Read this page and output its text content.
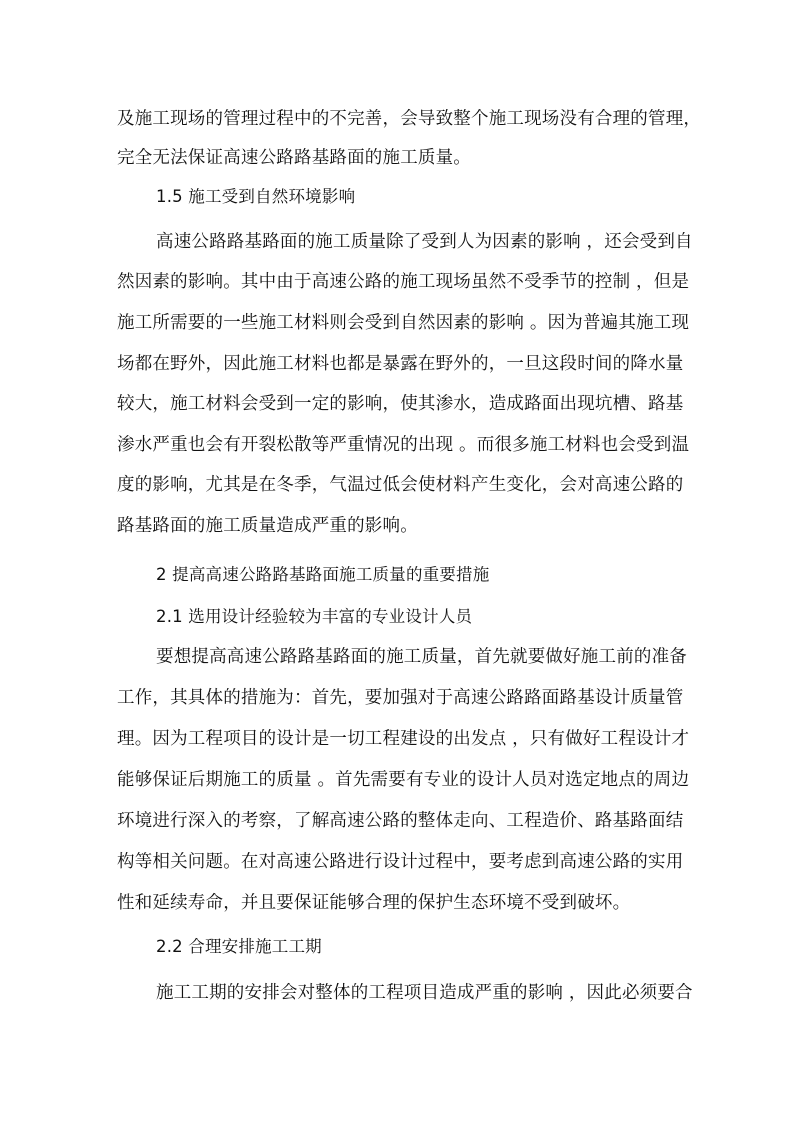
及施工现场的管理过程中的不完善，会导致整个施工现场没有合理的管理，
完全无法保证高速公路路基路面的施工质量。
1.5 施工受到自然环境影响
高速公路路基路面的施工质量除了受到人为因素的影响 ，还会受到自
然因素的影响。其中由于高速公路的施工现场虽然不受季节的控制 ，但是
施工所需要的一些施工材料则会受到自然因素的影响 。因为普遍其施工现
场都在野外，因此施工材料也都是暴露在野外的，一旦这段时间的降水量
较大，施工材料会受到一定的影响，使其渗水，造成路面出现坑槽、路基
渗水严重也会有开裂松散等严重情况的出现 。而很多施工材料也会受到温
度的影响，尤其是在冬季，气温过低会使材料产生变化，会对高速公路的
路基路面的施工质量造成严重的影响。
2 提高高速公路路基路面施工质量的重要措施
2.1 选用设计经验较为丰富的专业设计人员
要想提高高速公路路基路面的施工质量，首先就要做好施工前的准备
工作，其具体的措施为：首先，要加强对于高速公路路面路基设计质量管
理。因为工程项目的设计是一切工程建设的出发点 ，只有做好工程设计才
能够保证后期施工的质量 。首先需要有专业的设计人员对选定地点的周边
环境进行深入的考察，了解高速公路的整体走向、工程造价、路基路面结
构等相关问题。在对高速公路进行设计过程中，要考虑到高速公路的实用
性和延续寿命，并且要保证能够合理的保护生态环境不受到破坏。
2.2 合理安排施工工期
施工工期的安排会对整体的工程项目造成严重的影响 ，因此必须要合
